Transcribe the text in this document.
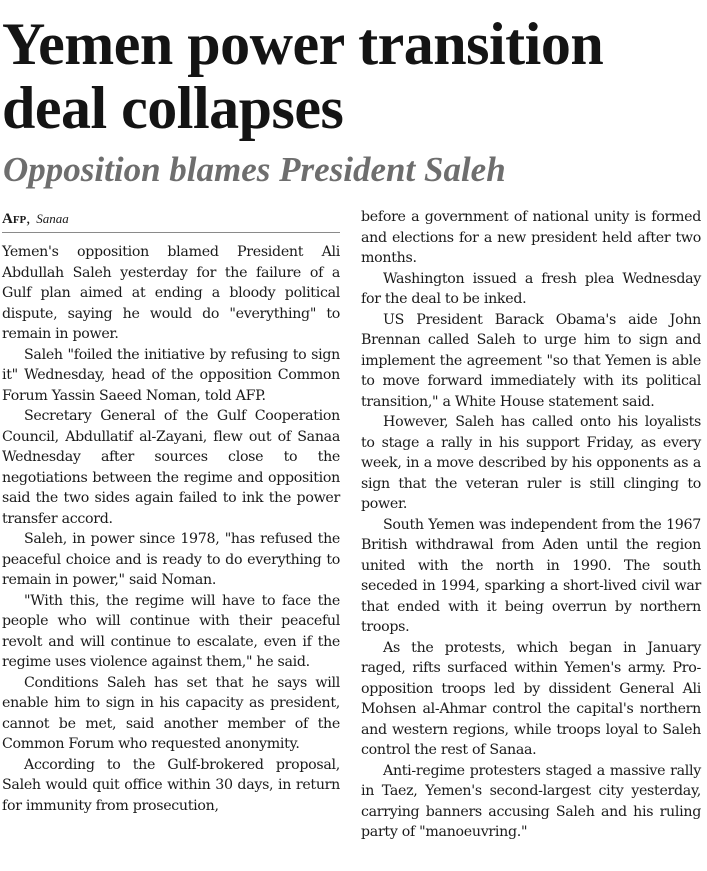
Yemen power transition deal collapses
Opposition blames President Saleh
Afp, Sanaa

Yemen's opposition blamed President Ali Abdullah Saleh yesterday for the failure of a Gulf plan aimed at ending a bloody political dispute, saying he would do "everything" to remain in power.

Saleh "foiled the initiative by refusing to sign it" Wednesday, head of the opposition Common Forum Yassin Saeed Noman, told AFP.

Secretary General of the Gulf Cooperation Council, Abdullatif al-Zayani, flew out of Sanaa Wednesday after sources close to the negotiations between the regime and opposition said the two sides again failed to ink the power transfer accord.

Saleh, in power since 1978, "has refused the peaceful choice and is ready to do everything to remain in power," said Noman.

"With this, the regime will have to face the people who will continue with their peaceful revolt and will continue to escalate, even if the regime uses violence against them," he said.

Conditions Saleh has set that he says will enable him to sign in his capacity as president, cannot be met, said another member of the Common Forum who requested anonymity.

According to the Gulf-brokered proposal, Saleh would quit office within 30 days, in return for immunity from prosecution,

before a government of national unity is formed and elections for a new president held after two months.

Washington issued a fresh plea Wednesday for the deal to be inked.

US President Barack Obama's aide John Brennan called Saleh to urge him to sign and implement the agreement "so that Yemen is able to move forward immediately with its political transition," a White House statement said.

However, Saleh has called onto his loyalists to stage a rally in his support Friday, as every week, in a move described by his opponents as a sign that the veteran ruler is still clinging to power.

South Yemen was independent from the 1967 British withdrawal from Aden until the region united with the north in 1990. The south seceded in 1994, sparking a short-lived civil war that ended with it being overrun by northern troops.

As the protests, which began in January raged, rifts surfaced within Yemen's army. Pro-opposition troops led by dissident General Ali Mohsen al-Ahmar control the capital's northern and western regions, while troops loyal to Saleh control the rest of Sanaa.

Anti-regime protesters staged a massive rally in Taez, Yemen's second-largest city yesterday, carrying banners accusing Saleh and his ruling party of "manoeuvring."
